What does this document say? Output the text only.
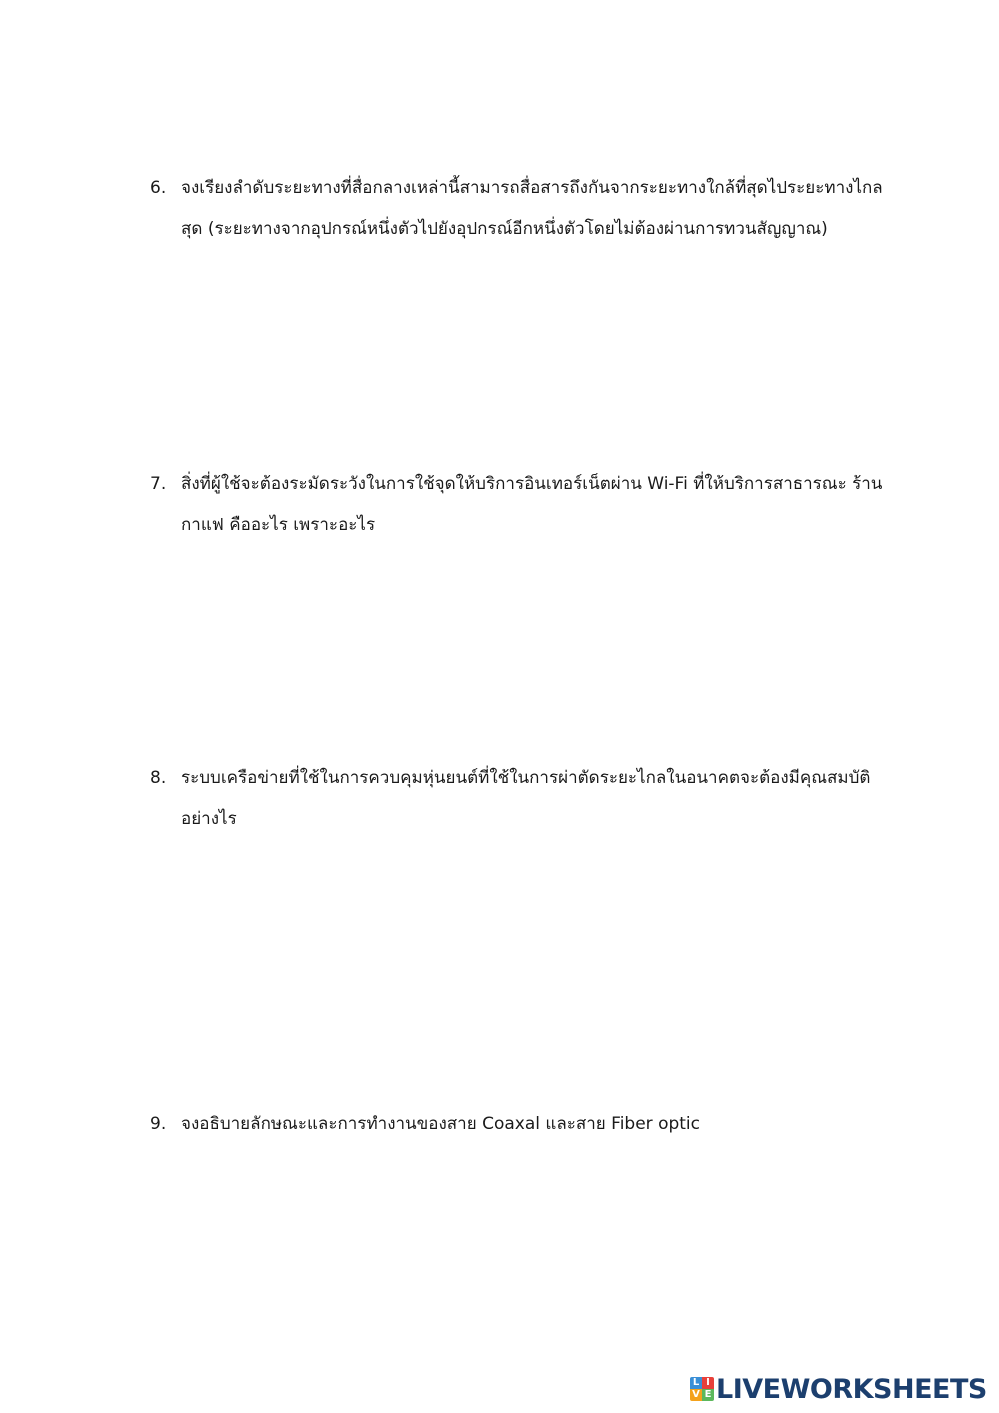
6. จงเรียงลำดับระยะทางที่สื่อกลางเหล่านี้สามารถสื่อสารถึงกันจากระยะทางใกล้ที่สุดไประยะทางไกล
สุด (ระยะทางจากอุปกรณ์หนึ่งตัวไปยังอุปกรณ์อีกหนึ่งตัวโดยไม่ต้องผ่านการทวนสัญญาณ)
7. สิ่งที่ผู้ใช้จะต้องระมัดระวังในการใช้จุดให้บริการอินเทอร์เน็ตผ่าน Wi-Fi ที่ให้บริการสาธารณะ ร้าน
กาแฟ คืออะไร เพราะอะไร
8. ระบบเครือข่ายที่ใช้ในการควบคุมหุ่นยนต์ที่ใช้ในการผ่าตัดระยะไกลในอนาคตจะต้องมีคุณสมบัติ
อย่างไร
9. จงอธิบายลักษณะและการทำงานของสาย Coaxal และสาย Fiber optic
L I
V E LIVEWORKSHEETS
